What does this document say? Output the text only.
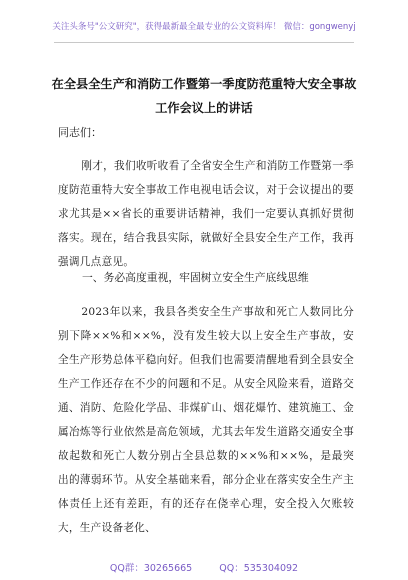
关注头条号"公文研究"，获得最新最全最专业的公文资料库！ 微信：gongwenyj
在全县全生产和消防工作暨第一季度防范重特大安全事故
工作会议上的讲话
同志们：
刚才，我们收听收看了全省安全生产和消防工作暨第一季度防范重特大安全事故工作电视电话会议，对于会议提出的要求尤其是××省长的重要讲话精神，我们一定要认真抓好贯彻落实。现在，结合我县实际，就做好全县安全生产工作，我再强调几点意见。
一、务必高度重视，牢固树立安全生产底线思维
2023年以来，我县各类安全生产事故和死亡人数同比分别下降××%和××%，没有发生较大以上安全生产事故，安全生产形势总体平稳向好。但我们也需要清醒地看到全县安全生产工作还存在不少的问题和不足。从安全风险来看，道路交通、消防、危险化学品、非煤矿山、烟花爆竹、建筑施工、金属冶炼等行业依然是高危领域，尤其去年发生道路交通安全事故起数和死亡人数分别占全县总数的××%和××%，是最突出的薄弱环节。从安全基础来看，部分企业在落实安全生产主体责任上还有差距，有的还存在侥幸心理，安全投入欠账较大，生产设备老化、
QQ群：30265665	QQ：535304092
